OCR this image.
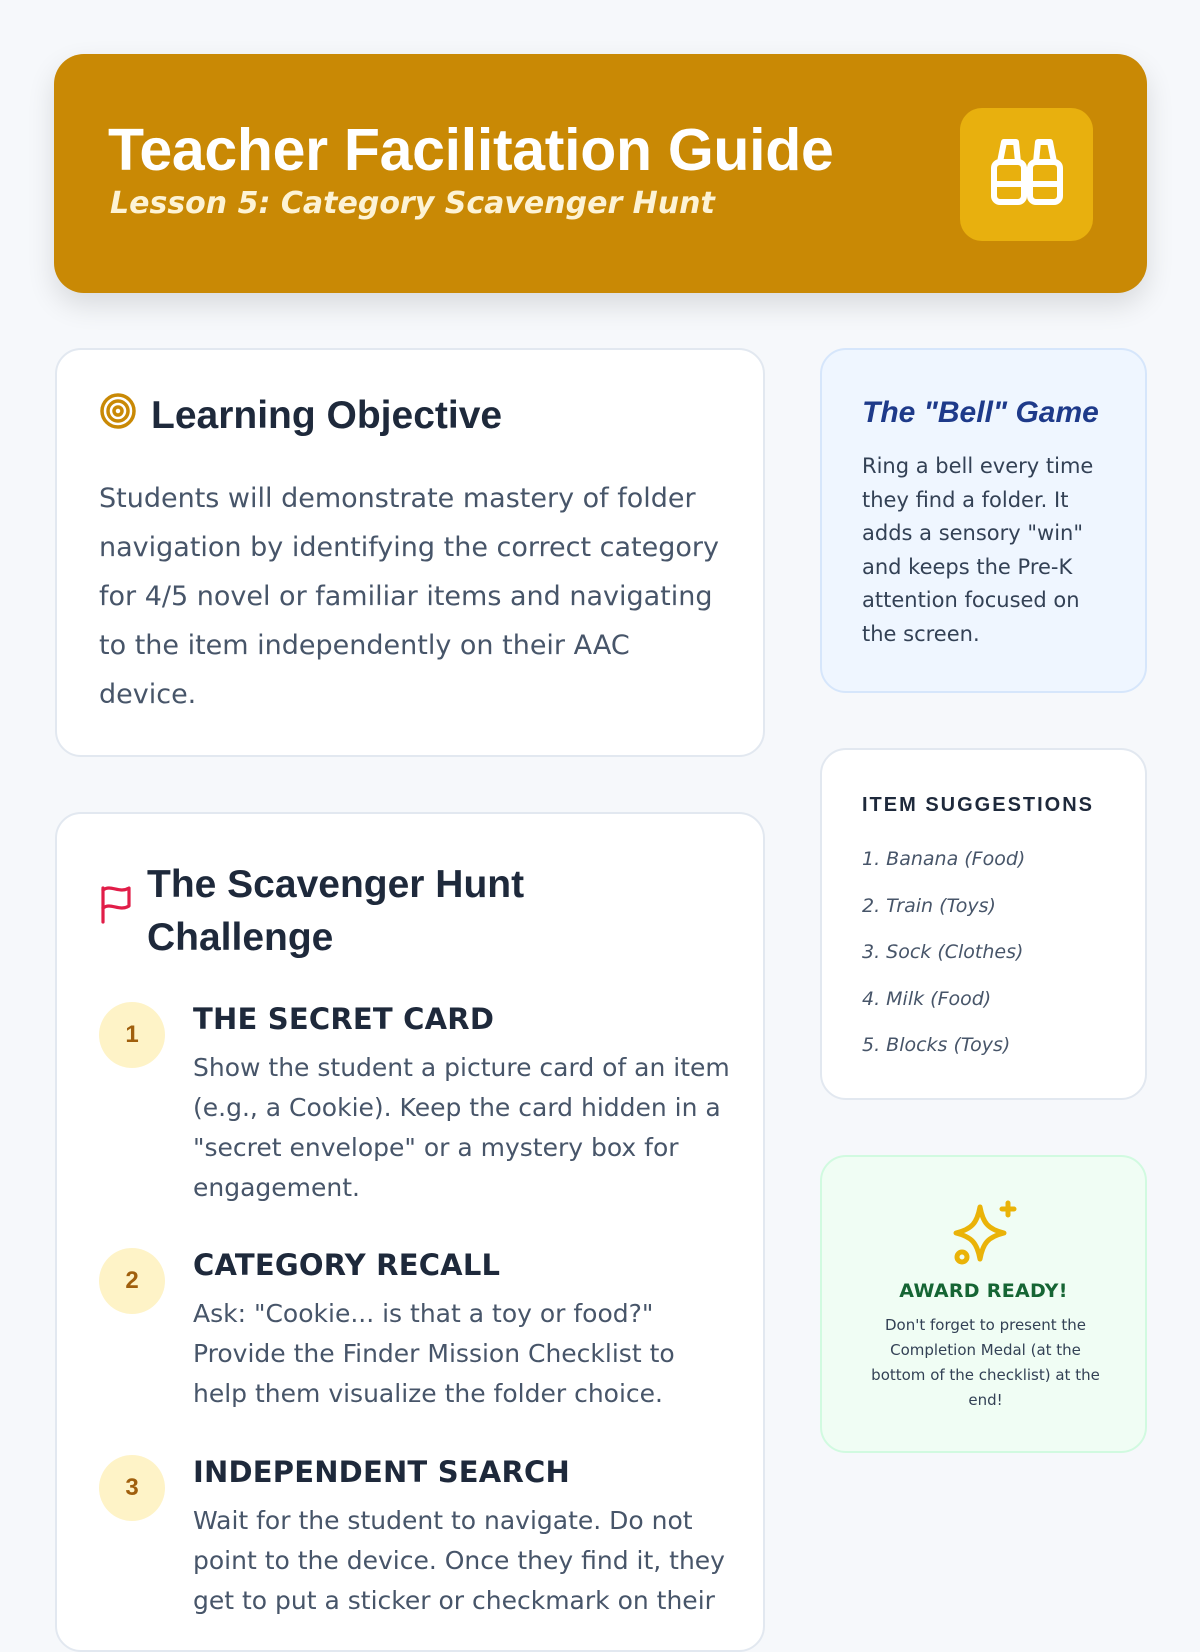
Teacher Facilitation Guide
Lesson 5: Category Scavenger Hunt
Learning Objective
Students will demonstrate mastery of folder navigation by identifying the correct category for 4/5 novel or familiar items and navigating to the item independently on their AAC device.
The Scavenger Hunt Challenge
1	THE SECRET CARD
Show the student a picture card of an item (e.g., a Cookie). Keep the card hidden in a "secret envelope" or a mystery box for engagement.
2	CATEGORY RECALL
Ask: "Cookie... is that a toy or food?" Provide the Finder Mission Checklist to help them visualize the folder choice.
3	INDEPENDENT SEARCH
Wait for the student to navigate. Do not point to the device. Once they find it, they get to put a sticker or checkmark on their
The "Bell" Game
Ring a bell every time they find a folder. It adds a sensory "win" and keeps the Pre-K attention focused on the screen.
ITEM SUGGESTIONS
1. Banana (Food)
2. Train (Toys)
3. Sock (Clothes)
4. Milk (Food)
5. Blocks (Toys)
AWARD READY!
Don't forget to present the Completion Medal (at the bottom of the checklist) at the end!
